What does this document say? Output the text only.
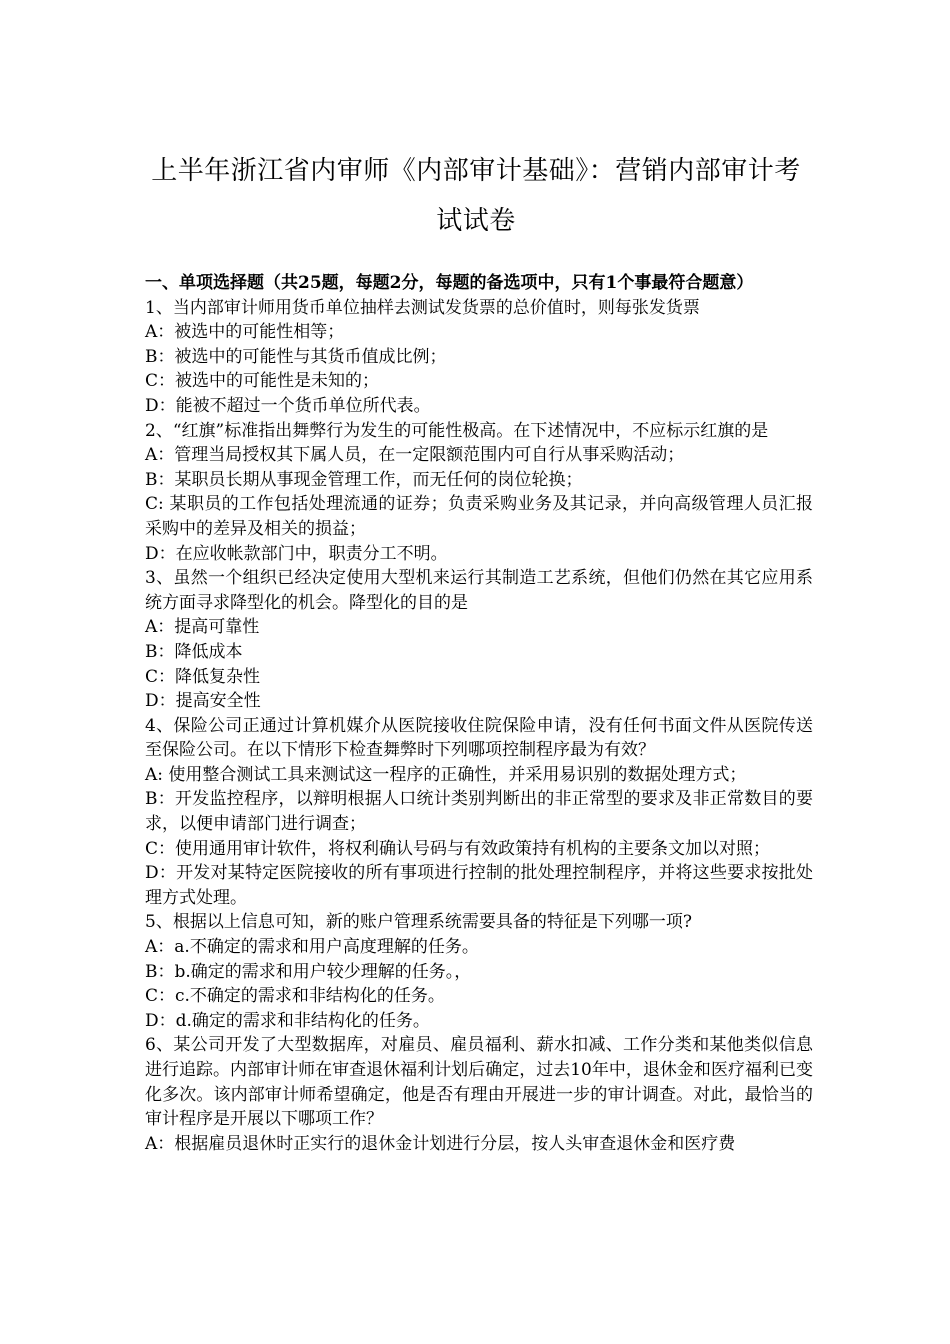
上半年浙江省内审师《内部审计基础》：营销内部审计考试试卷
一、单项选择题（共25题，每题2分，每题的备选项中，只有1个事最符合题意）
1、当内部审计师用货币单位抽样去测试发货票的总价值时，则每张发货票
A：被选中的可能性相等；
B：被选中的可能性与其货币值成比例；
C：被选中的可能性是未知的；
D：能被不超过一个货币单位所代表。
2、“红旗”标准指出舞弊行为发生的可能性极高。在下述情况中，不应标示红旗的是
A：管理当局授权其下属人员，在一定限额范围内可自行从事采购活动；
B：某职员长期从事现金管理工作，而无任何的岗位轮换；
C: 某职员的工作包括处理流通的证券；负责采购业务及其记录，并向高级管理人员汇报采购中的差异及相关的损益；
D：在应收帐款部门中，职责分工不明。
3、虽然一个组织已经决定使用大型机来运行其制造工艺系统，但他们仍然在其它应用系统方面寻求降型化的机会。降型化的目的是
A：提高可靠性
B：降低成本
C：降低复杂性
D：提高安全性
4、保险公司正通过计算机媒介从医院接收住院保险申请，没有任何书面文件从医院传送至保险公司。在以下情形下检查舞弊时下列哪项控制程序最为有效？
A: 使用整合测试工具来测试这一程序的正确性，并采用易识别的数据处理方式；
B：开发监控程序，以辩明根据人口统计类别判断出的非正常型的要求及非正常数目的要求，以便申请部门进行调查；
C：使用通用审计软件，将权利确认号码与有效政策持有机构的主要条文加以对照；
D：开发对某特定医院接收的所有事项进行控制的批处理控制程序，并将这些要求按批处理方式处理。
5、根据以上信息可知，新的账户管理系统需要具备的特征是下列哪一项?
A：a.不确定的需求和用户高度理解的任务。
B：b.确定的需求和用户较少理解的任务。，
C：c.不确定的需求和非结构化的任务。
D：d.确定的需求和非结构化的任务。
6、某公司开发了大型数据库，对雇员、雇员福利、薪水扣减、工作分类和某他类似信息进行追踪。内部审计师在审查退休福利计划后确定，过去10年中，退休金和医疗福利已变化多次。该内部审计师希望确定，他是否有理由开展进一步的审计调查。对此，最恰当的审计程序是开展以下哪项工作？
A：根据雇员退休时正实行的退休金计划进行分层，按人头审查退休金和医疗费
